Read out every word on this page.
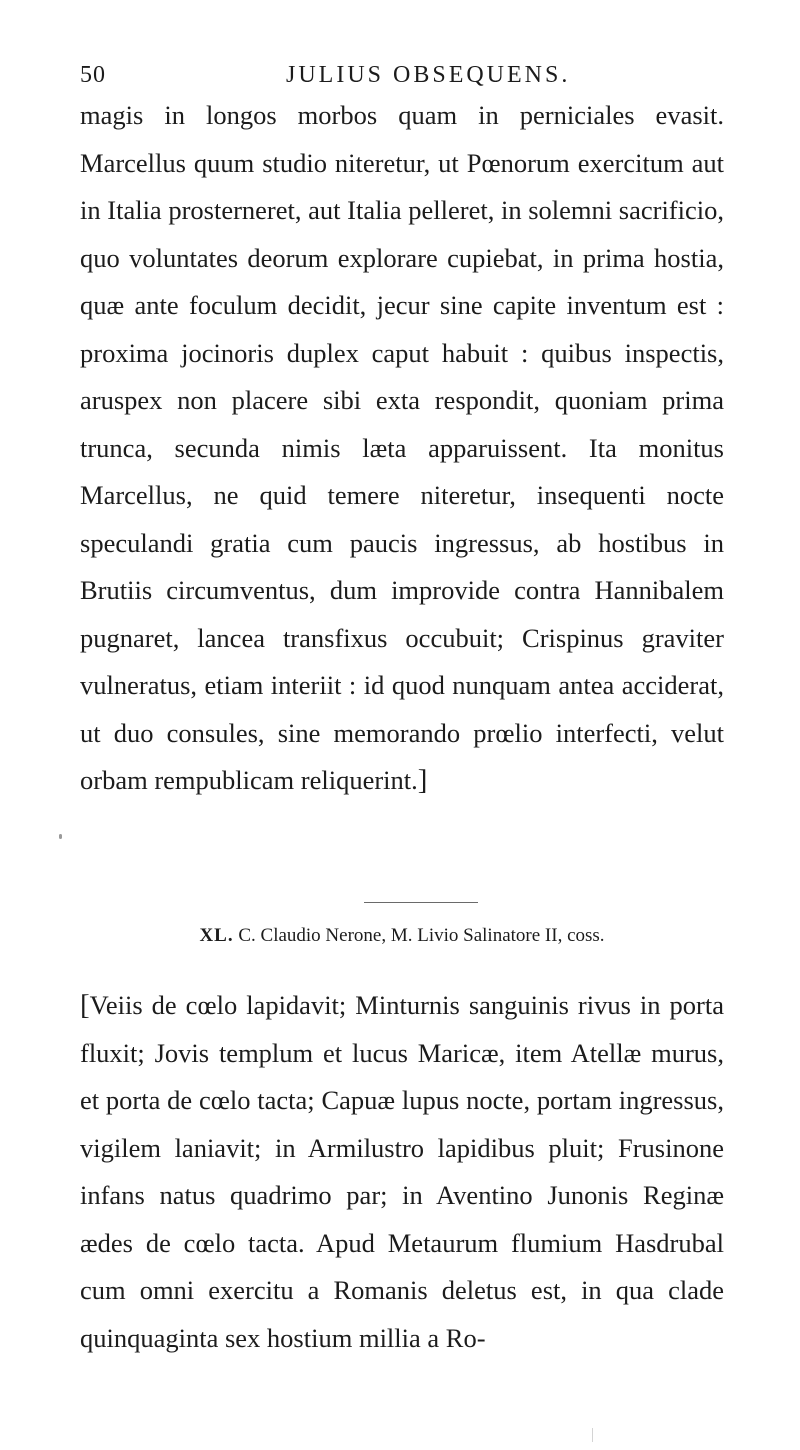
50	JULIUS OBSEQUENS.

magis in longos morbos quam in perniciales evasit. Marcellus quum studio niteretur, ut Pœnorum exercitum aut in Italia prosterneret, aut Italia pelleret, in solemni sacrificio, quo voluntates deorum explorare cupiebat, in prima hostia, quæ ante foculum decidit, jecur sine capite inventum est : proxima jocinoris duplex caput habuit : quibus inspectis, aruspex non placere sibi exta respondit, quoniam prima trunca, secunda nimis læta apparuissent. Ita monitus Marcellus, ne quid temere niteretur, insequenti nocte speculandi gratia cum paucis ingressus, ab hostibus in Brutiis circumventus, dum improvide contra Hannibalem pugnaret, lancea transfixus occubuit; Crispinus graviter vulneratus, etiam interiit : id quod nunquam antea acciderat, ut duo consules, sine memorando prœlio interfecti, velut orbam rempublicam reliquerint.]

XL. C. Claudio Nerone, M. Livio Salinatore II, coss.

[Veiis de cœlo lapidavit; Minturnis sanguinis rivus in porta fluxit; Jovis templum et lucus Maricæ, item Atellæ murus, et porta de cœlo tacta; Capuæ lupus nocte, portam ingressus, vigilem laniavit; in Armilustro lapidibus pluit; Frusinone infans natus quadrimo par; in Aventino Junonis Reginæ ædes de cœlo tacta. Apud Metaurum flumium Hasdrubal cum omni exercitu a Romanis deletus est, in qua clade quinquaginta sex hostium millia a Ro-
